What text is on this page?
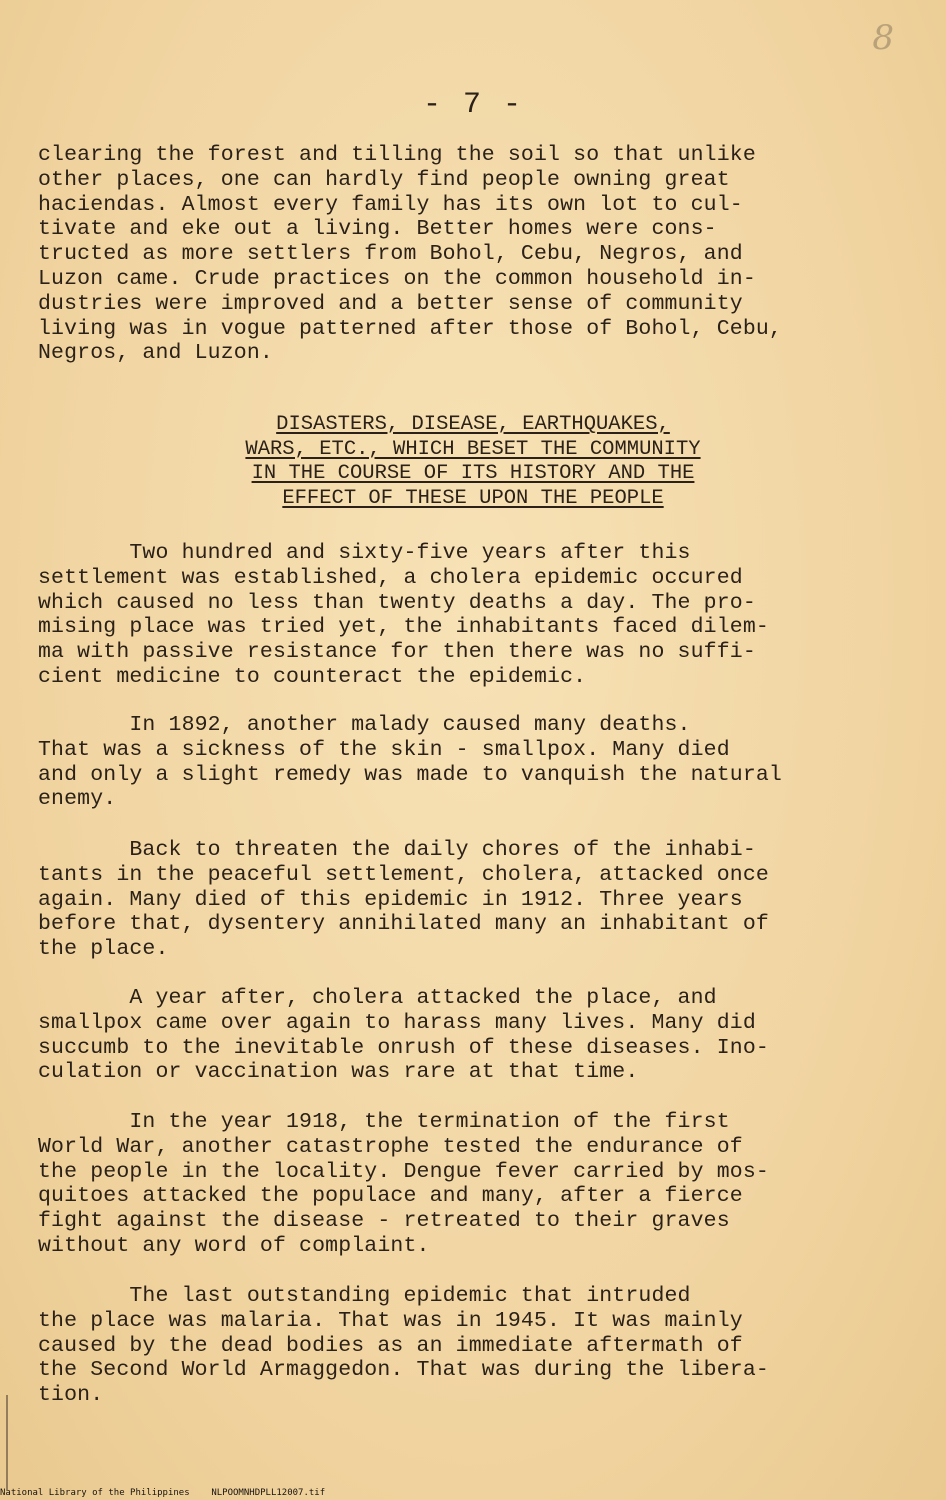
8
- 7 -
clearing the forest and tilling the soil so that unlike
other places, one can hardly find people owning great
haciendas. Almost every family has its own lot to cul-
tivate and eke out a living. Better homes were cons-
tructed as more settlers from Bohol, Cebu, Negros, and
Luzon came. Crude practices on the common household in-
dustries were improved and a better sense of community
living was in vogue patterned after those of Bohol, Cebu,
Negros, and Luzon.
DISASTERS, DISEASE, EARTHQUAKES,
WARS, ETC., WHICH BESET THE COMMUNITY
IN THE COURSE OF ITS HISTORY AND THE
EFFECT OF THESE UPON THE PEOPLE
Two hundred and sixty-five years after this
settlement was established, a cholera epidemic occured
which caused no less than twenty deaths a day. The pro-
mising place was tried yet, the inhabitants faced dilem-
ma with passive resistance for then there was no suffi-
cient medicine to counteract the epidemic.
In 1892, another malady caused many deaths.
That was a sickness of the skin - smallpox. Many died
and only a slight remedy was made to vanquish the natural
enemy.
Back to threaten the daily chores of the inhabi-
tants in the peaceful settlement, cholera, attacked once
again. Many died of this epidemic in 1912. Three years
before that, dysentery annihilated many an inhabitant of
the place.
A year after, cholera attacked the place, and
smallpox came over again to harass many lives. Many did
succumb to the inevitable onrush of these diseases. Ino-
culation or vaccination was rare at that time.
In the year 1918, the termination of the first
World War, another catastrophe tested the endurance of
the people in the locality. Dengue fever carried by mos-
quitoes attacked the populace and many, after a fierce
fight against the disease - retreated to their graves
without any word of complaint.
The last outstanding epidemic that intruded
the place was malaria. That was in 1945. It was mainly
caused by the dead bodies as an immediate aftermath of
the Second World Armaggedon. That was during the libera-
tion.
National Library of the Philippines NLPOOMNHDPLL12007.tif
